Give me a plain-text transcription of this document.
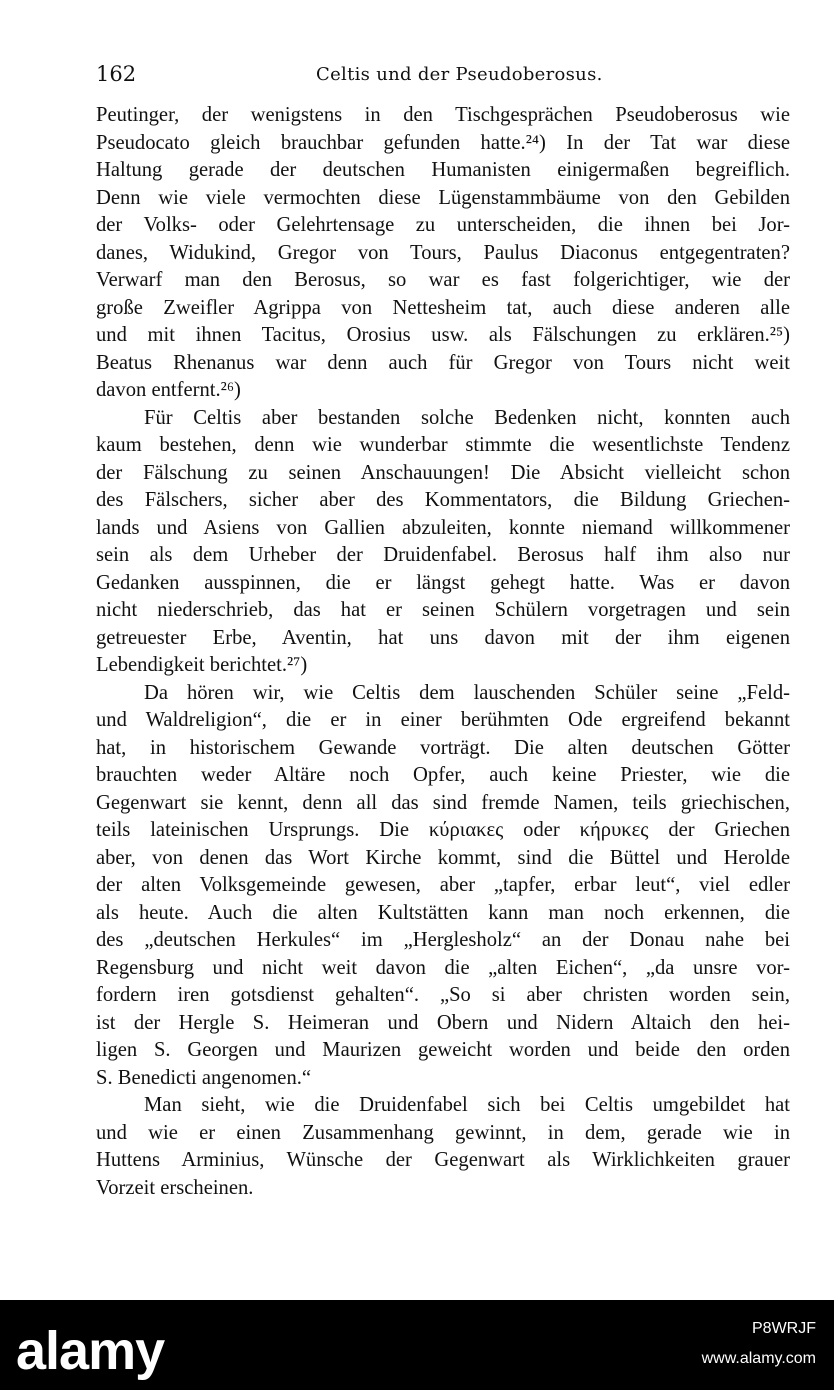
162	Celtis und der Pseudoberosus.

Peutinger, der wenigstens in den Tischgesprächen Pseudoberosus wie
Pseudocato gleich brauchbar gefunden hatte.²⁴) In der Tat war diese
Haltung gerade der deutschen Humanisten einigermaßen begreiflich.
Denn wie viele vermochten diese Lügenstammbäume von den Gebilden
der Volks- oder Gelehrtensage zu unterscheiden, die ihnen bei Jor-
danes, Widukind, Gregor von Tours, Paulus Diaconus entgegentraten?
Verwarf man den Berosus, so war es fast folgerichtiger, wie der
große Zweifler Agrippa von Nettesheim tat, auch diese anderen alle
und mit ihnen Tacitus, Orosius usw. als Fälschungen zu erklären.²⁵)
Beatus Rhenanus war denn auch für Gregor von Tours nicht weit
davon entfernt.²⁶)

Für Celtis aber bestanden solche Bedenken nicht, konnten auch
kaum bestehen, denn wie wunderbar stimmte die wesentlichste Tendenz
der Fälschung zu seinen Anschauungen! Die Absicht vielleicht schon
des Fälschers, sicher aber des Kommentators, die Bildung Griechen-
lands und Asiens von Gallien abzuleiten, konnte niemand willkommener
sein als dem Urheber der Druidenfabel. Berosus half ihm also nur
Gedanken ausspinnen, die er längst gehegt hatte. Was er davon
nicht niederschrieb, das hat er seinen Schülern vorgetragen und sein
getreuester Erbe, Aventin, hat uns davon mit der ihm eigenen
Lebendigkeit berichtet.²⁷)

Da hören wir, wie Celtis dem lauschenden Schüler seine „Feld-
und Waldreligion“, die er in einer berühmten Ode ergreifend bekannt
hat, in historischem Gewande vorträgt. Die alten deutschen Götter
brauchten weder Altäre noch Opfer, auch keine Priester, wie die
Gegenwart sie kennt, denn all das sind fremde Namen, teils griechischen,
teils lateinischen Ursprungs. Die κύριακες oder κήρυκες der Griechen
aber, von denen das Wort Kirche kommt, sind die Büttel und Herolde
der alten Volksgemeinde gewesen, aber „tapfer, erbar leut“, viel edler
als heute. Auch die alten Kultstätten kann man noch erkennen, die
des „deutschen Herkules“ im „Herglesholz“ an der Donau nahe bei
Regensburg und nicht weit davon die „alten Eichen“, „da unsre vor-
fordern iren gotsdienst gehalten“. „So si aber christen worden sein,
ist der Hergle S. Heimeran und Obern und Nidern Altaich den hei-
ligen S. Georgen und Maurizen geweicht worden und beide den orden
S. Benedicti angenomen.“

Man sieht, wie die Druidenfabel sich bei Celtis umgebildet hat
und wie er einen Zusammenhang gewinnt, in dem, gerade wie in
Huttens Arminius, Wünsche der Gegenwart als Wirklichkeiten grauer
Vorzeit erscheinen.

alamy	P8WRJF
www.alamy.com
